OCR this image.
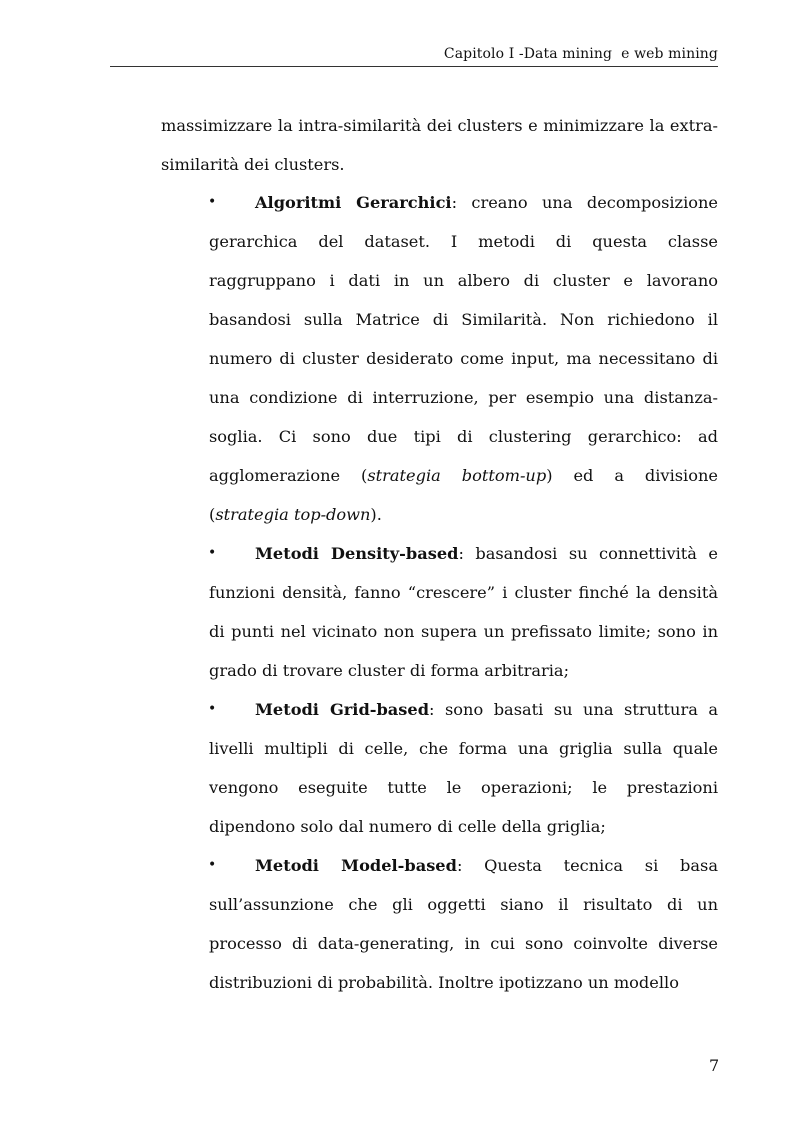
Capitolo I -Data mining  e web mining
massimizzare la intra-similarità dei clusters e minimizzare la extra-similarità dei clusters.
• Algoritmi Gerarchici: creano una decomposizione gerarchica del dataset. I metodi di questa classe raggruppano i dati in un albero di cluster e lavorano basandosi sulla Matrice di Similarità. Non richiedono il numero di cluster desiderato come input, ma necessitano di una condizione di interruzione, per esempio una distanza-soglia. Ci sono due tipi di clustering gerarchico: ad agglomerazione (strategia bottom-up) ed a divisione (strategia top-down).
• Metodi Density-based: basandosi su connettività e funzioni densità, fanno “crescere” i cluster finché la densità di punti nel vicinato non supera un prefissato limite; sono in grado di trovare cluster di forma arbitraria;
• Metodi Grid-based: sono basati su una struttura a livelli multipli di celle, che forma una griglia sulla quale vengono eseguite tutte le operazioni; le prestazioni dipendono solo dal numero di celle della griglia;
• Metodi Model-based: Questa tecnica si basa sull’assunzione che gli oggetti siano il risultato di un processo di data-generating, in cui sono coinvolte diverse distribuzioni di probabilità. Inoltre ipotizzano un modello
7
